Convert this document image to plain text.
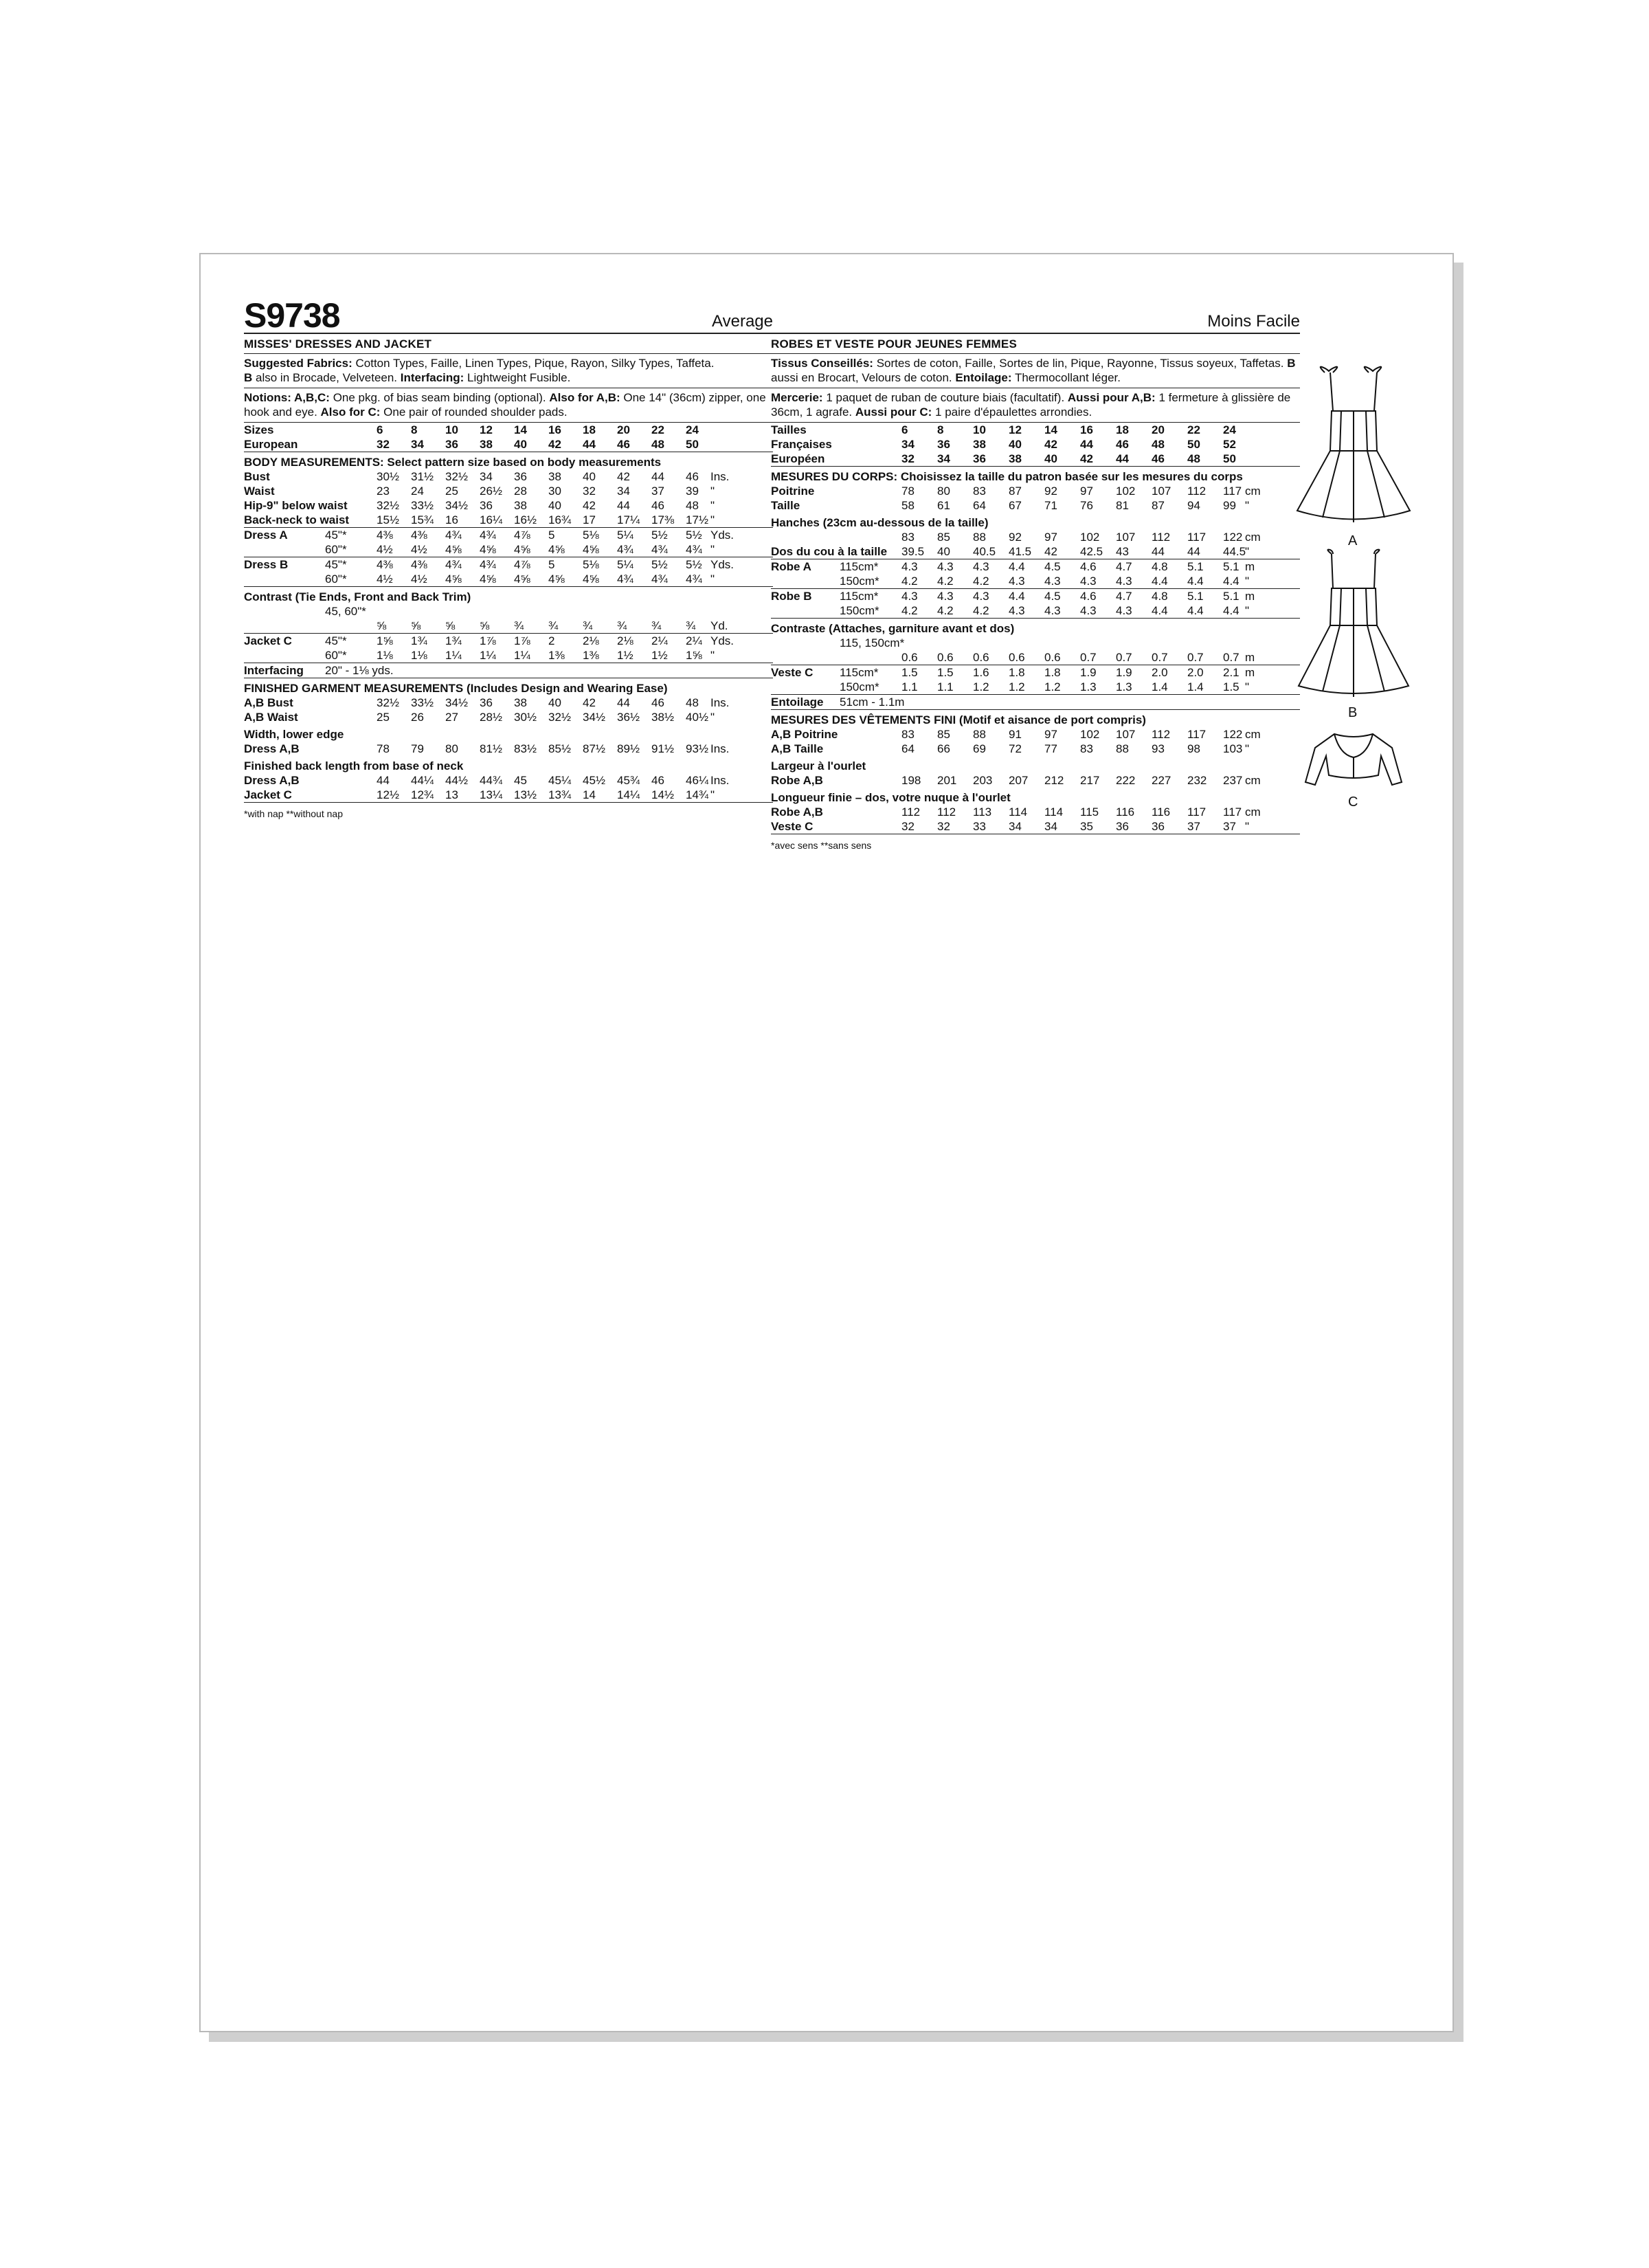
S9738	Average
MISSES' DRESSES AND JACKET
Suggested Fabrics: Cotton Types, Faille, Linen Types, Pique, Rayon, Silky Types, Taffeta.
B also in Brocade, Velveteen. Interfacing: Lightweight Fusible.
Notions: A,B,C: One pkg. of bias seam binding (optional). Also for A,B: One 14" (36cm) zipper, one hook and eye. Also for C: One pair of rounded shoulder pads.
Sizes		6	8	10	12	14	16	18	20	22	24		
European		32	34	36	38	40	42	44	46	48	50		
BODY MEASUREMENTS: Select pattern size based on body measurements													
Bust		30½	31½	32½	34	36	38	40	42	44	46	Ins.	
Waist		23	24	25	26½	28	30	32	34	37	39	"	
Hip-9" below waist		32½	33½	34½	36	38	40	42	44	46	48	"	
Back-neck to waist		15½	15¾	16	16¼	16½	16¾	17	17¼	17⅜	17½	"	

Dress A	45"*	4⅜	4⅜	4¾	4¾	4⅞	5	5⅛	5¼	5½	5½	Yds.	
	60"*	4½	4½	4⅝	4⅝	4⅝	4⅝	4⅝	4¾	4¾	4¾	"	
Dress B	45"*	4⅜	4⅜	4¾	4¾	4⅞	5	5⅛	5¼	5½	5½	Yds.	
	60"*	4½	4½	4⅝	4⅝	4⅝	4⅝	4⅝	4¾	4¾	4¾	"	
Contrast (Tie Ends, Front and Back Trim)													
	45, 60"*												
		⅝	⅝	⅝	⅝	¾	¾	¾	¾	¾	¾	Yd.	
Jacket C	45"*	1⅝	1¾	1¾	1⅞	1⅞	2	2⅛	2⅛	2¼	2¼	Yds.	
	60"*	1⅛	1⅛	1¼	1¼	1¼	1⅜	1⅜	1½	1½	1⅝	"	
Interfacing	20" - 1⅛ yds.												
FINISHED GARMENT MEASUREMENTS (Includes Design and Wearing Ease)													
A,B Bust		32½	33½	34½	36	38	40	42	44	46	48	Ins.	
A,B Waist		25	26	27	28½	30½	32½	34½	36½	38½	40½	"	
Width, lower edge													
Dress A,B		78	79	80	81½	83½	85½	87½	89½	91½	93½	Ins.	
Finished back length from base of neck													
Dress A,B		44	44¼	44½	44¾	45	45¼	45½	45¾	46	46¼	Ins.	
Jacket C		12½	12¾	13	13¼	13½	13¾	14	14¼	14½	14¾	"	
*with nap **without nap
Moins Facile
ROBES ET VESTE POUR JEUNES FEMMES
Tissus Conseillés: Sortes de coton, Faille, Sortes de lin, Pique, Rayonne, Tissus soyeux, Taffetas. B aussi en Brocart, Velours de coton. Entoilage: Thermocollant léger.
Mercerie: 1 paquet de ruban de couture biais (facultatif). Aussi pour A,B: 1 fermeture à glissière de 36cm, 1 agrafe. Aussi pour C: 1 paire d'épaulettes arrondies.
Tailles		6	8	10	12	14	16	18	20	22	24		
Françaises		34	36	38	40	42	44	46	48	50	52		
Européen		32	34	36	38	40	42	44	46	48	50		
MESURES DU CORPS: Choisissez la taille du patron basée sur les mesures du corps													
Poitrine		78	80	83	87	92	97	102	107	112	117	cm	
Taille		58	61	64	67	71	76	81	87	94	99	"	
Hanches (23cm au-dessous de la taille)													
		83	85	88	92	97	102	107	112	117	122	cm	
Dos du cou à la taille		39.5	40	40.5	41.5	42	42.5	43	44	44	44.5	"	
Robe A	115cm*	4.3	4.3	4.3	4.4	4.5	4.6	4.7	4.8	5.1	5.1	m	
	150cm*	4.2	4.2	4.2	4.3	4.3	4.3	4.3	4.4	4.4	4.4	"	
Robe B	115cm*	4.3	4.3	4.3	4.4	4.5	4.6	4.7	4.8	5.1	5.1	m	
	150cm*	4.2	4.2	4.2	4.3	4.3	4.3	4.3	4.4	4.4	4.4	"	
Contraste (Attaches, garniture avant et dos)													
	115, 150cm*												
		0.6	0.6	0.6	0.6	0.6	0.7	0.7	0.7	0.7	0.7	m	
Veste C	115cm*	1.5	1.5	1.6	1.8	1.8	1.9	1.9	2.0	2.0	2.1	m	
	150cm*	1.1	1.1	1.2	1.2	1.2	1.3	1.3	1.4	1.4	1.5	"	
Entoilage	51cm - 1.1m												
MESURES DES VÊTEMENTS FINI (Motif et aisance de port compris)													
A,B Poitrine		83	85	88	91	97	102	107	112	117	122	cm	
A,B Taille		64	66	69	72	77	83	88	93	98	103	"	
Largeur à l'ourlet													
Robe A,B		198	201	203	207	212	217	222	227	232	237	cm	
Longueur finie – dos, votre nuque à l'ourlet													
Robe A,B		112	112	113	114	114	115	116	116	117	117	cm	
Veste C		32	32	33	34	34	35	36	36	37	37	"	
*avec sens **sans sens
A
B
C
